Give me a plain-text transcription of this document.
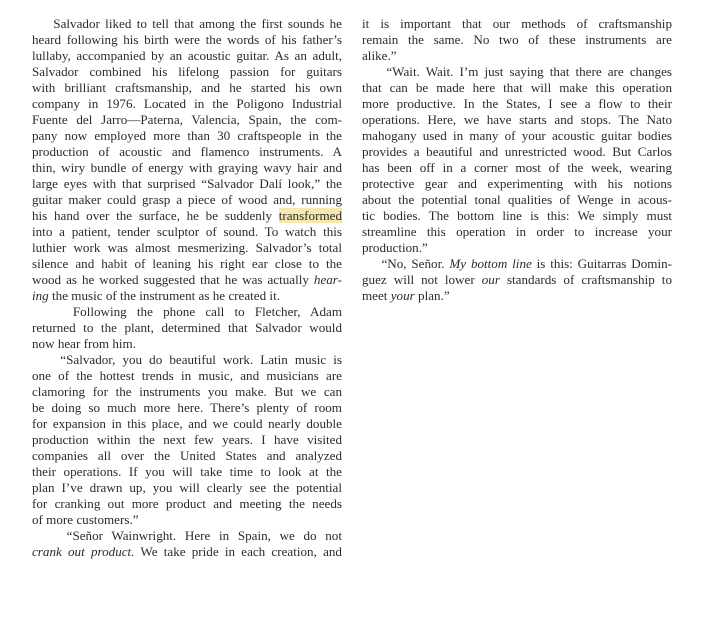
Salvador liked to tell that among the first sounds he
heard following his birth were the words of his father’s
lullaby, accompanied by an acoustic guitar. As an adult,
Salvador combined his lifelong passion for guitars
with brilliant craftsmanship, and he started his own
company in 1976. Located in the Poligono Industrial
Fuente del Jarro—Paterna, Valencia, Spain, the com-
pany now employed more than 30 craftspeople in the
production of acoustic and flamenco instruments. A
thin, wiry bundle of energy with graying wavy hair and
large eyes with that surprised “Salvador Dalí look,” the
guitar maker could grasp a piece of wood and, running
his hand over the surface, he be suddenly transformed
into a patient, tender sculptor of sound. To watch this
luthier work was almost mesmerizing. Salvador’s total
silence and habit of leaning his right ear close to the
wood as he worked suggested that he was actually hear-
ing the music of the instrument as he created it.
Following the phone call to Fletcher, Adam
returned to the plant, determined that Salvador would
now hear from him.
“Salvador, you do beautiful work. Latin music is
one of the hottest trends in music, and musicians are
clamoring for the instruments you make. But we can
be doing so much more here. There’s plenty of room
for expansion in this place, and we could nearly double
production within the next few years. I have visited
companies all over the United States and analyzed
their operations. If you will take time to look at the
plan I’ve drawn up, you will clearly see the potential
for cranking out more product and meeting the needs
of more customers.”
“Señor Wainwright. Here in Spain, we do not
crank out product. We take pride in each creation, and
it is important that our methods of craftsmanship
remain the same. No two of these instruments are
alike.”
“Wait. Wait. I’m just saying that there are changes
that can be made here that will make this operation
more productive. In the States, I see a flow to their
operations. Here, we have starts and stops. The Nato
mahogany used in many of your acoustic guitar bodies
provides a beautiful and unrestricted wood. But Carlos
has been off in a corner most of the week, wearing
protective gear and experimenting with his notions
about the potential tonal qualities of Wenge in acous-
tic bodies. The bottom line is this: We simply must
streamline this operation in order to increase your
production.”
“No, Señor. My bottom line is this: Guitarras Domin-
guez will not lower our standards of craftsmanship to
meet your plan.”
